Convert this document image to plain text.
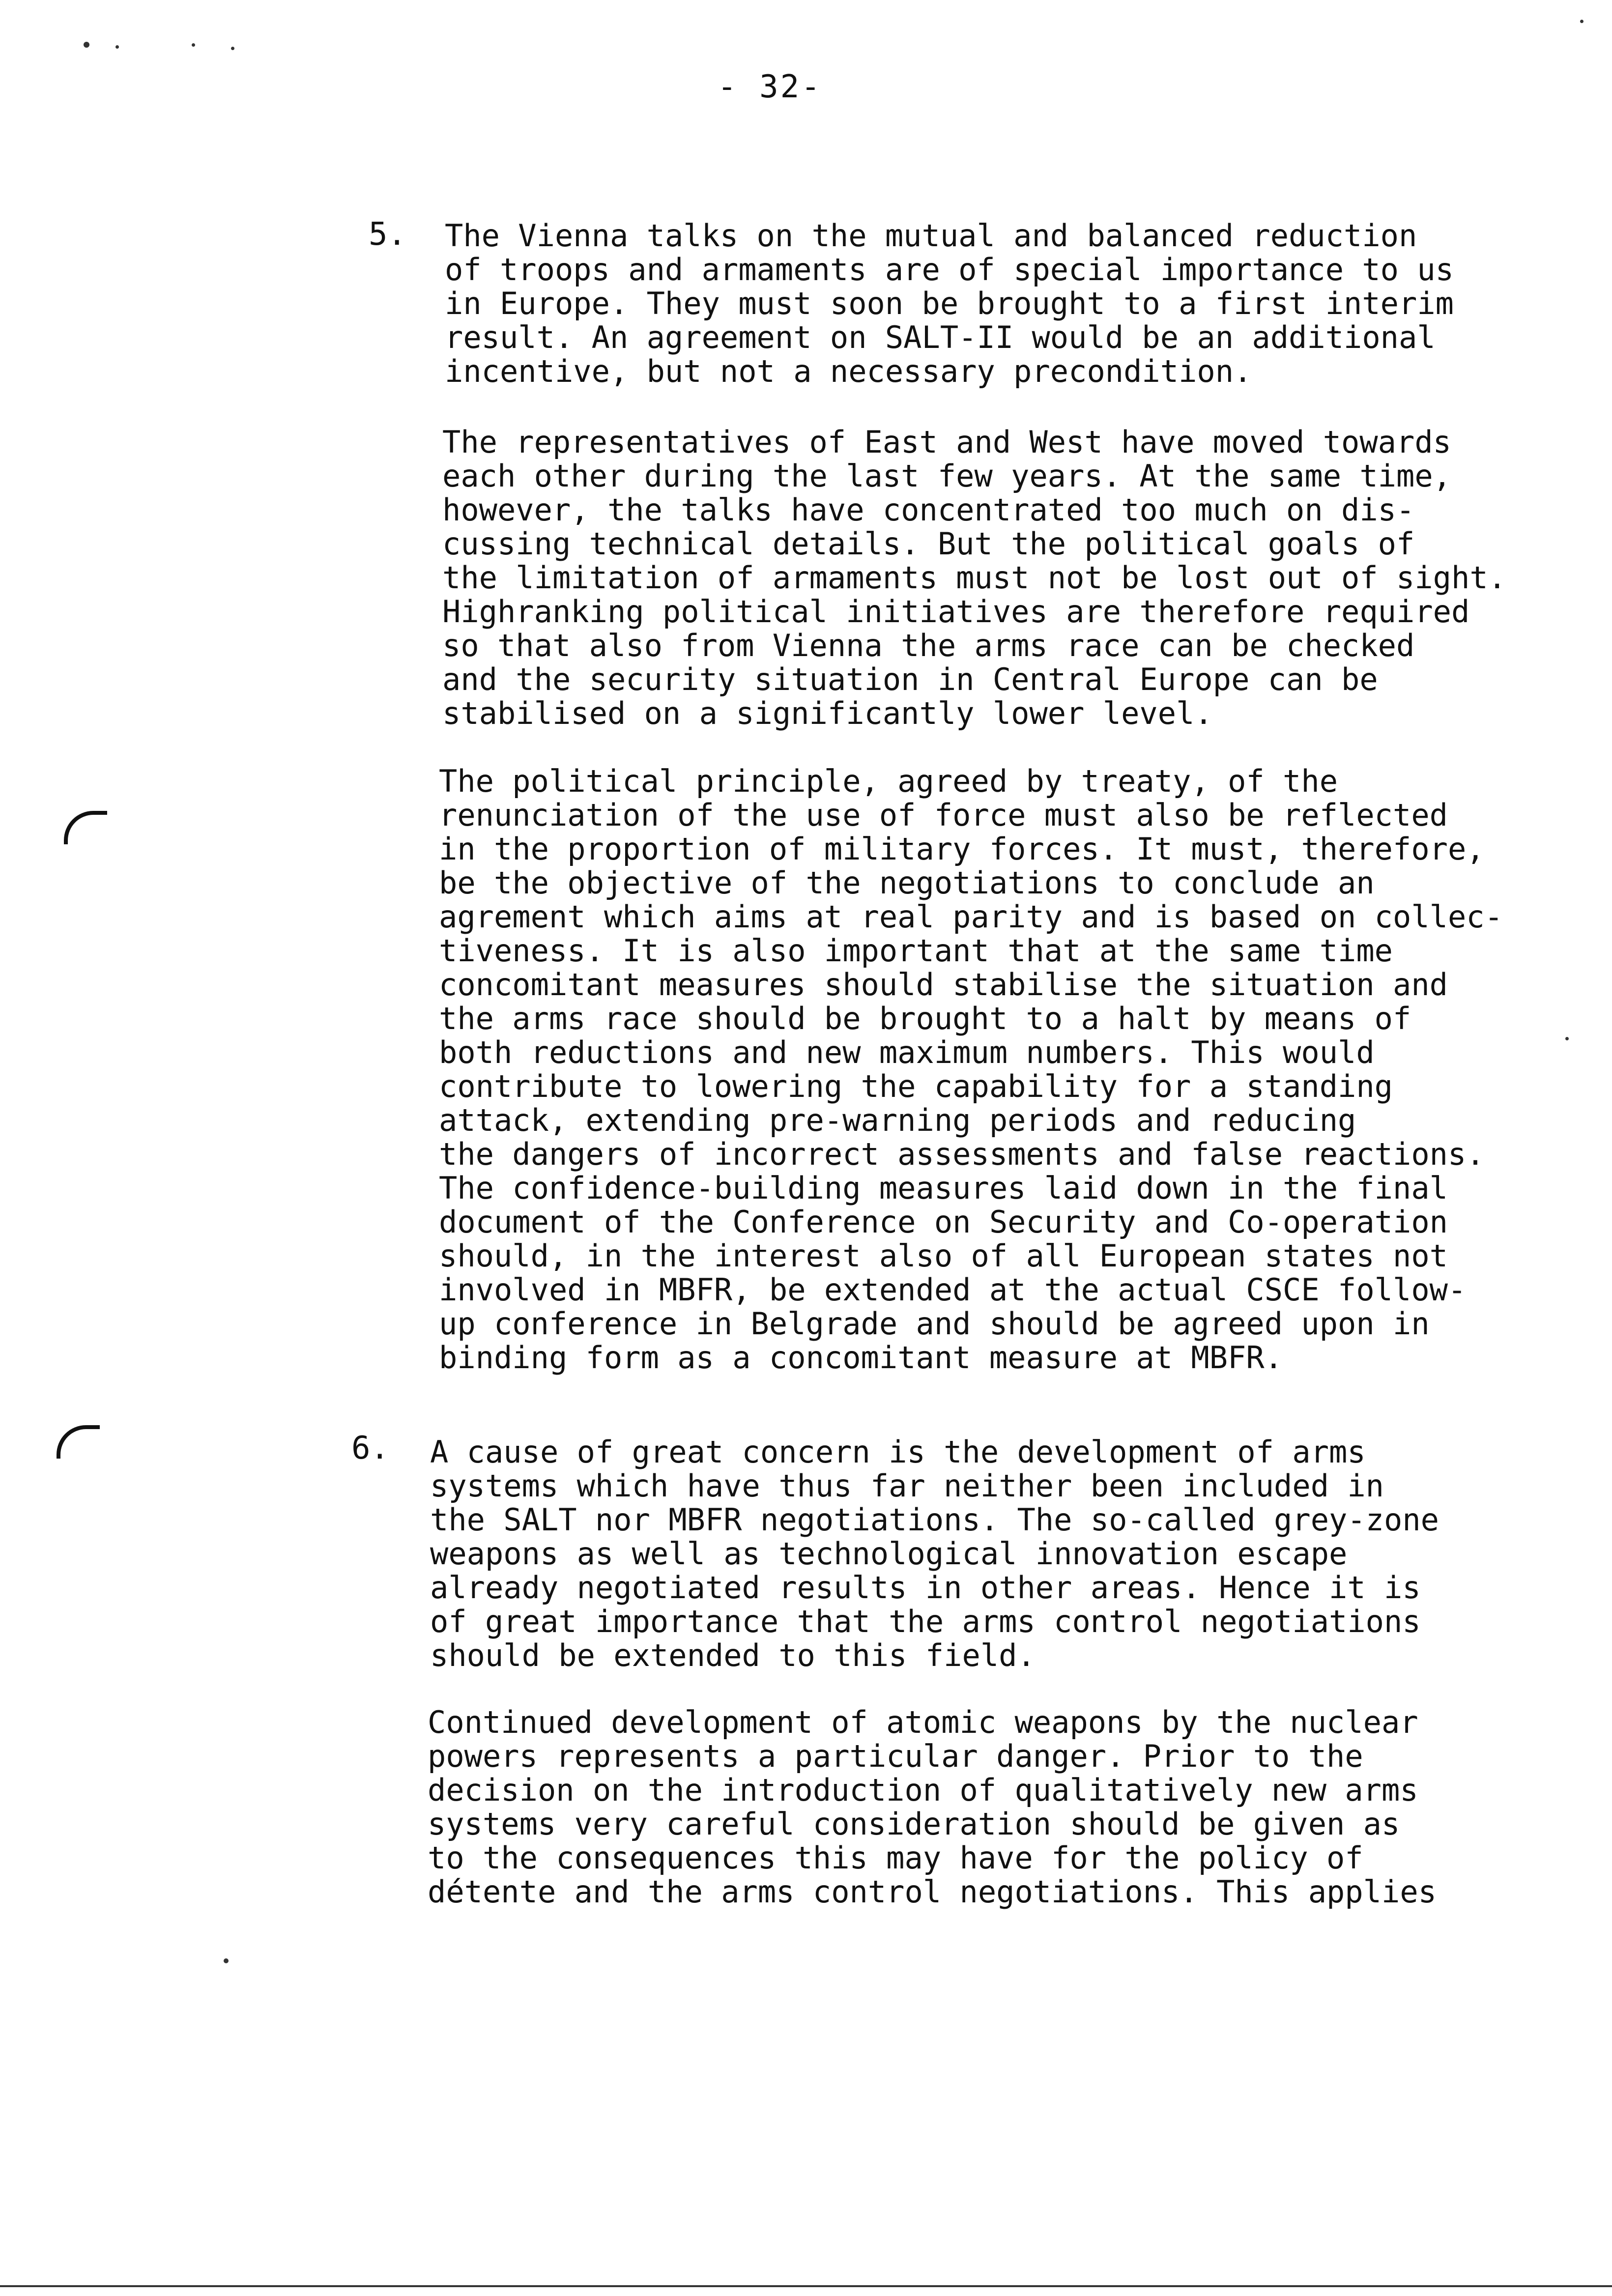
- 32-
5. The Vienna talks on the mutual and balanced reduction
of troops and armaments are of special importance to us
in Europe. They must soon be brought to a first interim
result. An agreement on SALT-II would be an additional
incentive, but not a necessary precondition.

The representatives of East and West have moved towards
each other during the last few years. At the same time,
however, the talks have concentrated too much on dis-
cussing technical details. But the political goals of
the limitation of armaments must not be lost out of sight.
Highranking political initiatives are therefore required
so that also from Vienna the arms race can be checked
and the security situation in Central Europe can be
stabilised on a significantly lower level.

The political principle, agreed by treaty, of the
renunciation of the use of force must also be reflected
in the proportion of military forces. It must, therefore,
be the objective of the negotiations to conclude an
agrement which aims at real parity and is based on collec-
tiveness. It is also important that at the same time
concomitant measures should stabilise the situation and
the arms race should be brought to a halt by means of
both reductions and new maximum numbers. This would
contribute to lowering the capability for a standing
attack, extending pre-warning periods and reducing
the dangers of incorrect assessments and false reactions.
The confidence-building measures laid down in the final
document of the Conference on Security and Co-operation
should, in the interest also of all European states not
involved in MBFR, be extended at the actual CSCE follow-
up conference in Belgrade and should be agreed upon in
binding form as a concomitant measure at MBFR.

6. A cause of great concern is the development of arms
systems which have thus far neither been included in
the SALT nor MBFR negotiations. The so-called grey-zone
weapons as well as technological innovation escape
already negotiated results in other areas. Hence it is
of great importance that the arms control negotiations
should be extended to this field.

Continued development of atomic weapons by the nuclear
powers represents a particular danger. Prior to the
decision on the introduction of qualitatively new arms
systems very careful consideration should be given as
to the consequences this may have for the policy of
détente and the arms control negotiations. This applies
